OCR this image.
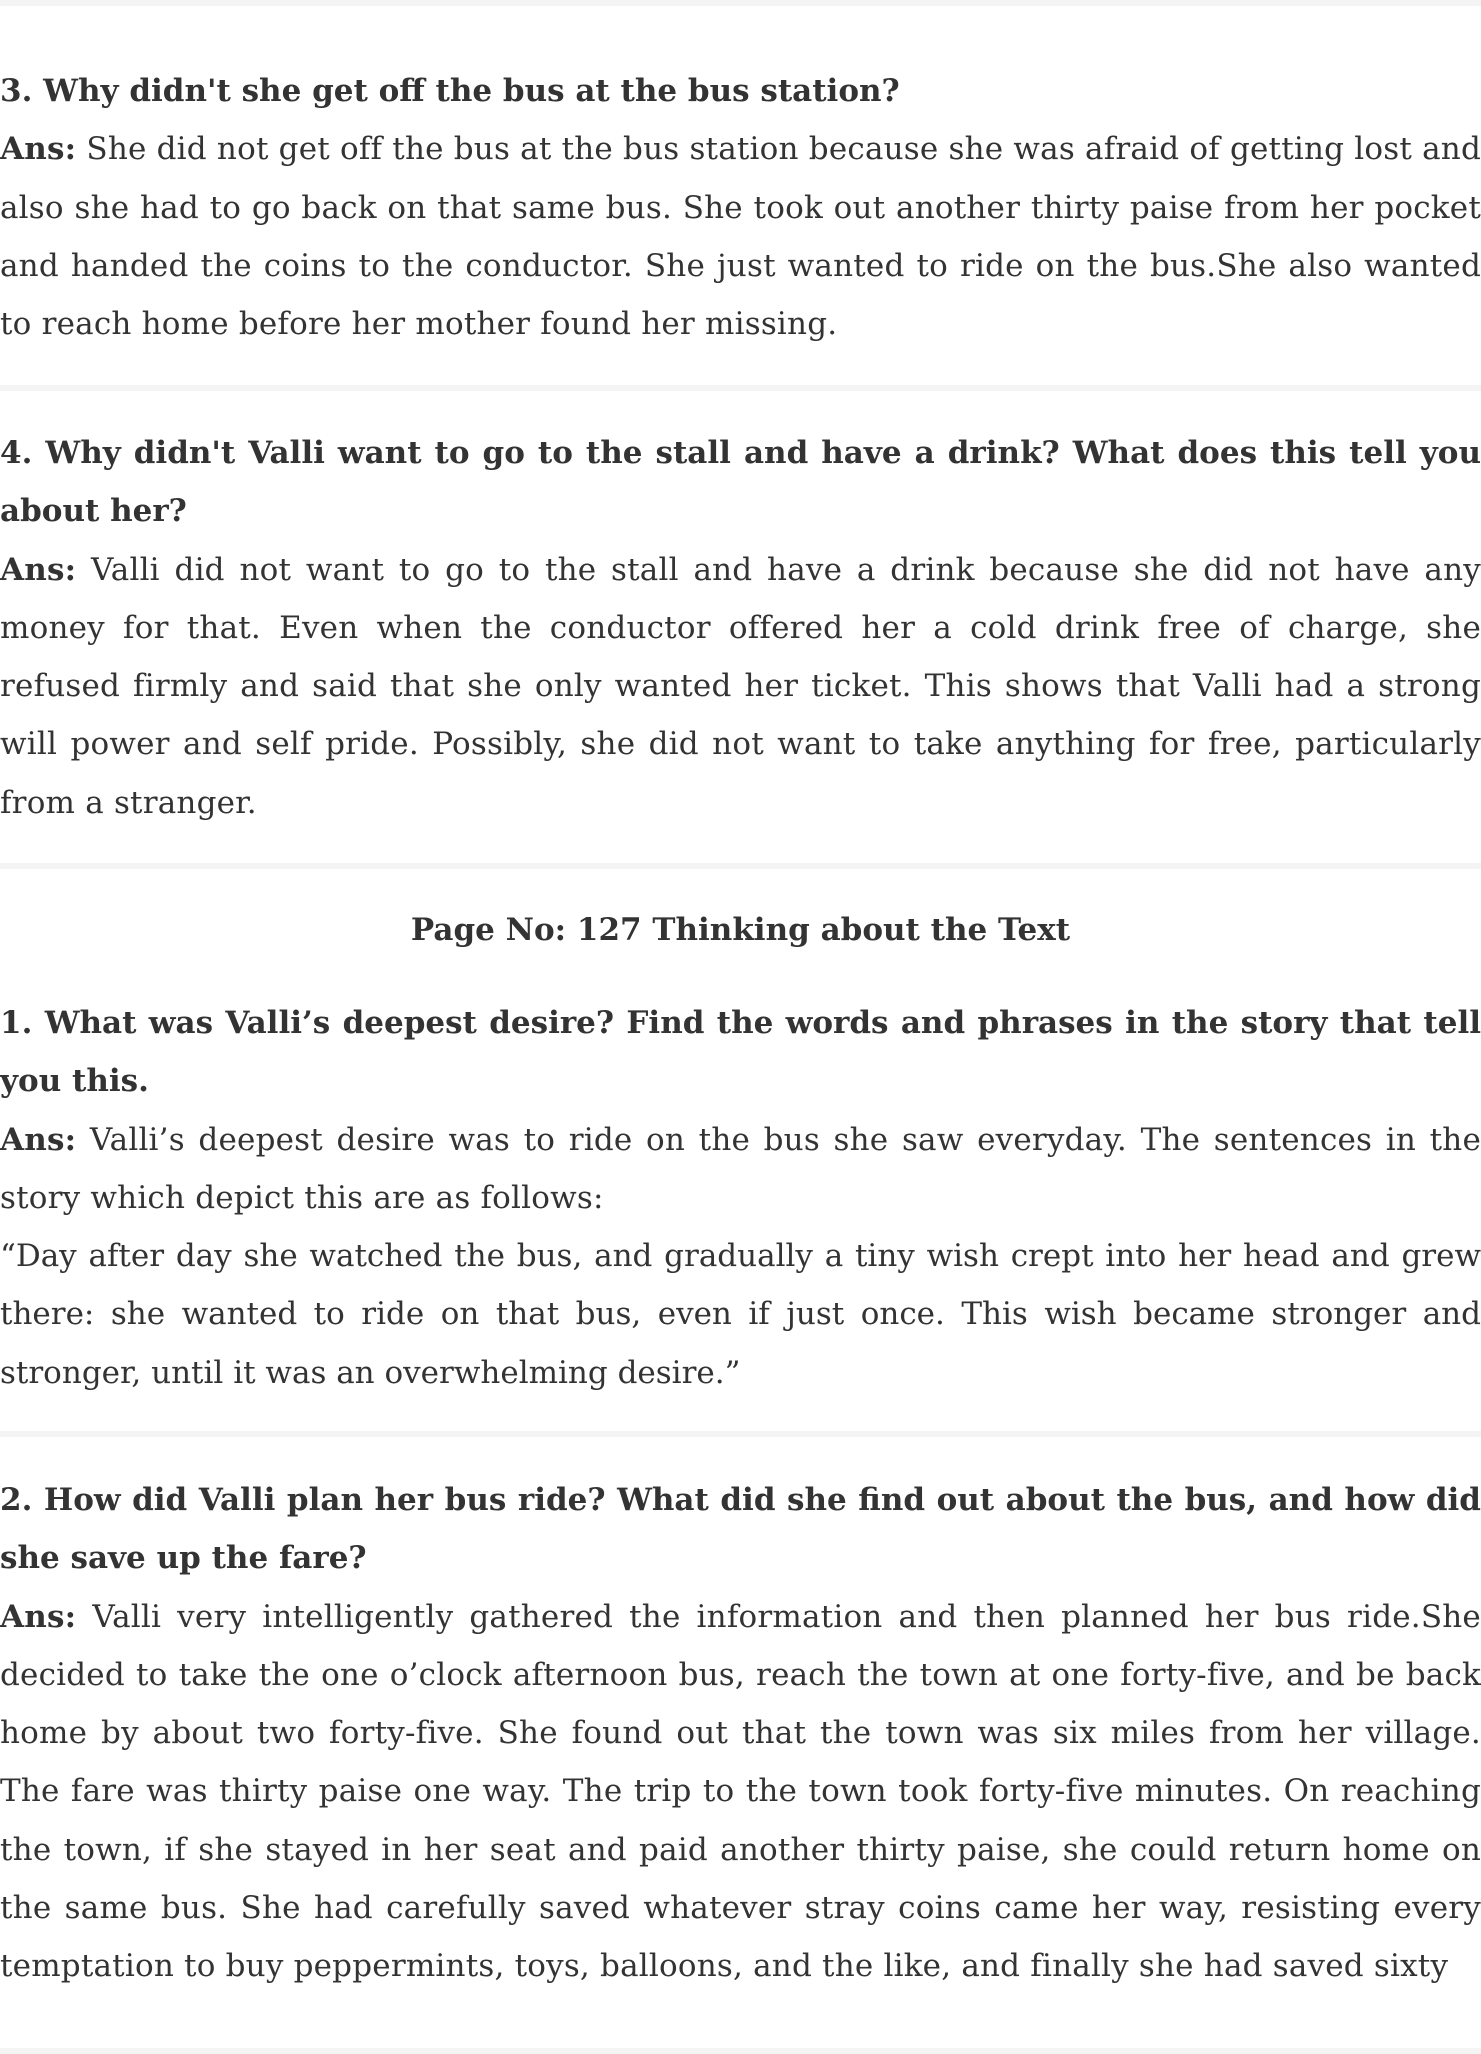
3. Why didn't she get off the bus at the bus station?

Ans: She did not get off the bus at the bus station because she was afraid of getting lost and also she had to go back on that same bus. She took out another thirty paise from her pocket and handed the coins to the conductor. She just wanted to ride on the bus.She also wanted to reach home before her mother found her missing.

4. Why didn't Valli want to go to the stall and have a drink? What does this tell you about her?

Ans: Valli did not want to go to the stall and have a drink because she did not have any money for that. Even when the conductor offered her a cold drink free of charge, she refused firmly and said that she only wanted her ticket. This shows that Valli had a strong will power and self pride. Possibly, she did not want to take anything for free, particularly from a stranger.

Page No: 127 Thinking about the Text

1. What was Valli’s deepest desire? Find the words and phrases in the story that tell you this.

Ans: Valli’s deepest desire was to ride on the bus she saw everyday. The sentences in the story which depict this are as follows:

“Day after day she watched the bus, and gradually a tiny wish crept into her head and grew there: she wanted to ride on that bus, even if just once. This wish became stronger and stronger, until it was an overwhelming desire.”

2. How did Valli plan her bus ride? What did she find out about the bus, and how did she save up the fare?

Ans: Valli very intelligently gathered the information and then planned her bus ride.She decided to take the one o’clock afternoon bus, reach the town at one forty-five, and be back home by about two forty-five. She found out that the town was six miles from her village. The fare was thirty paise one way. The trip to the town took forty-five minutes. On reaching the town, if she stayed in her seat and paid another thirty paise, she could return home on the same bus. She had carefully saved whatever stray coins came her way, resisting every temptation to buy peppermints, toys, balloons, and the like, and finally she had saved sixty
